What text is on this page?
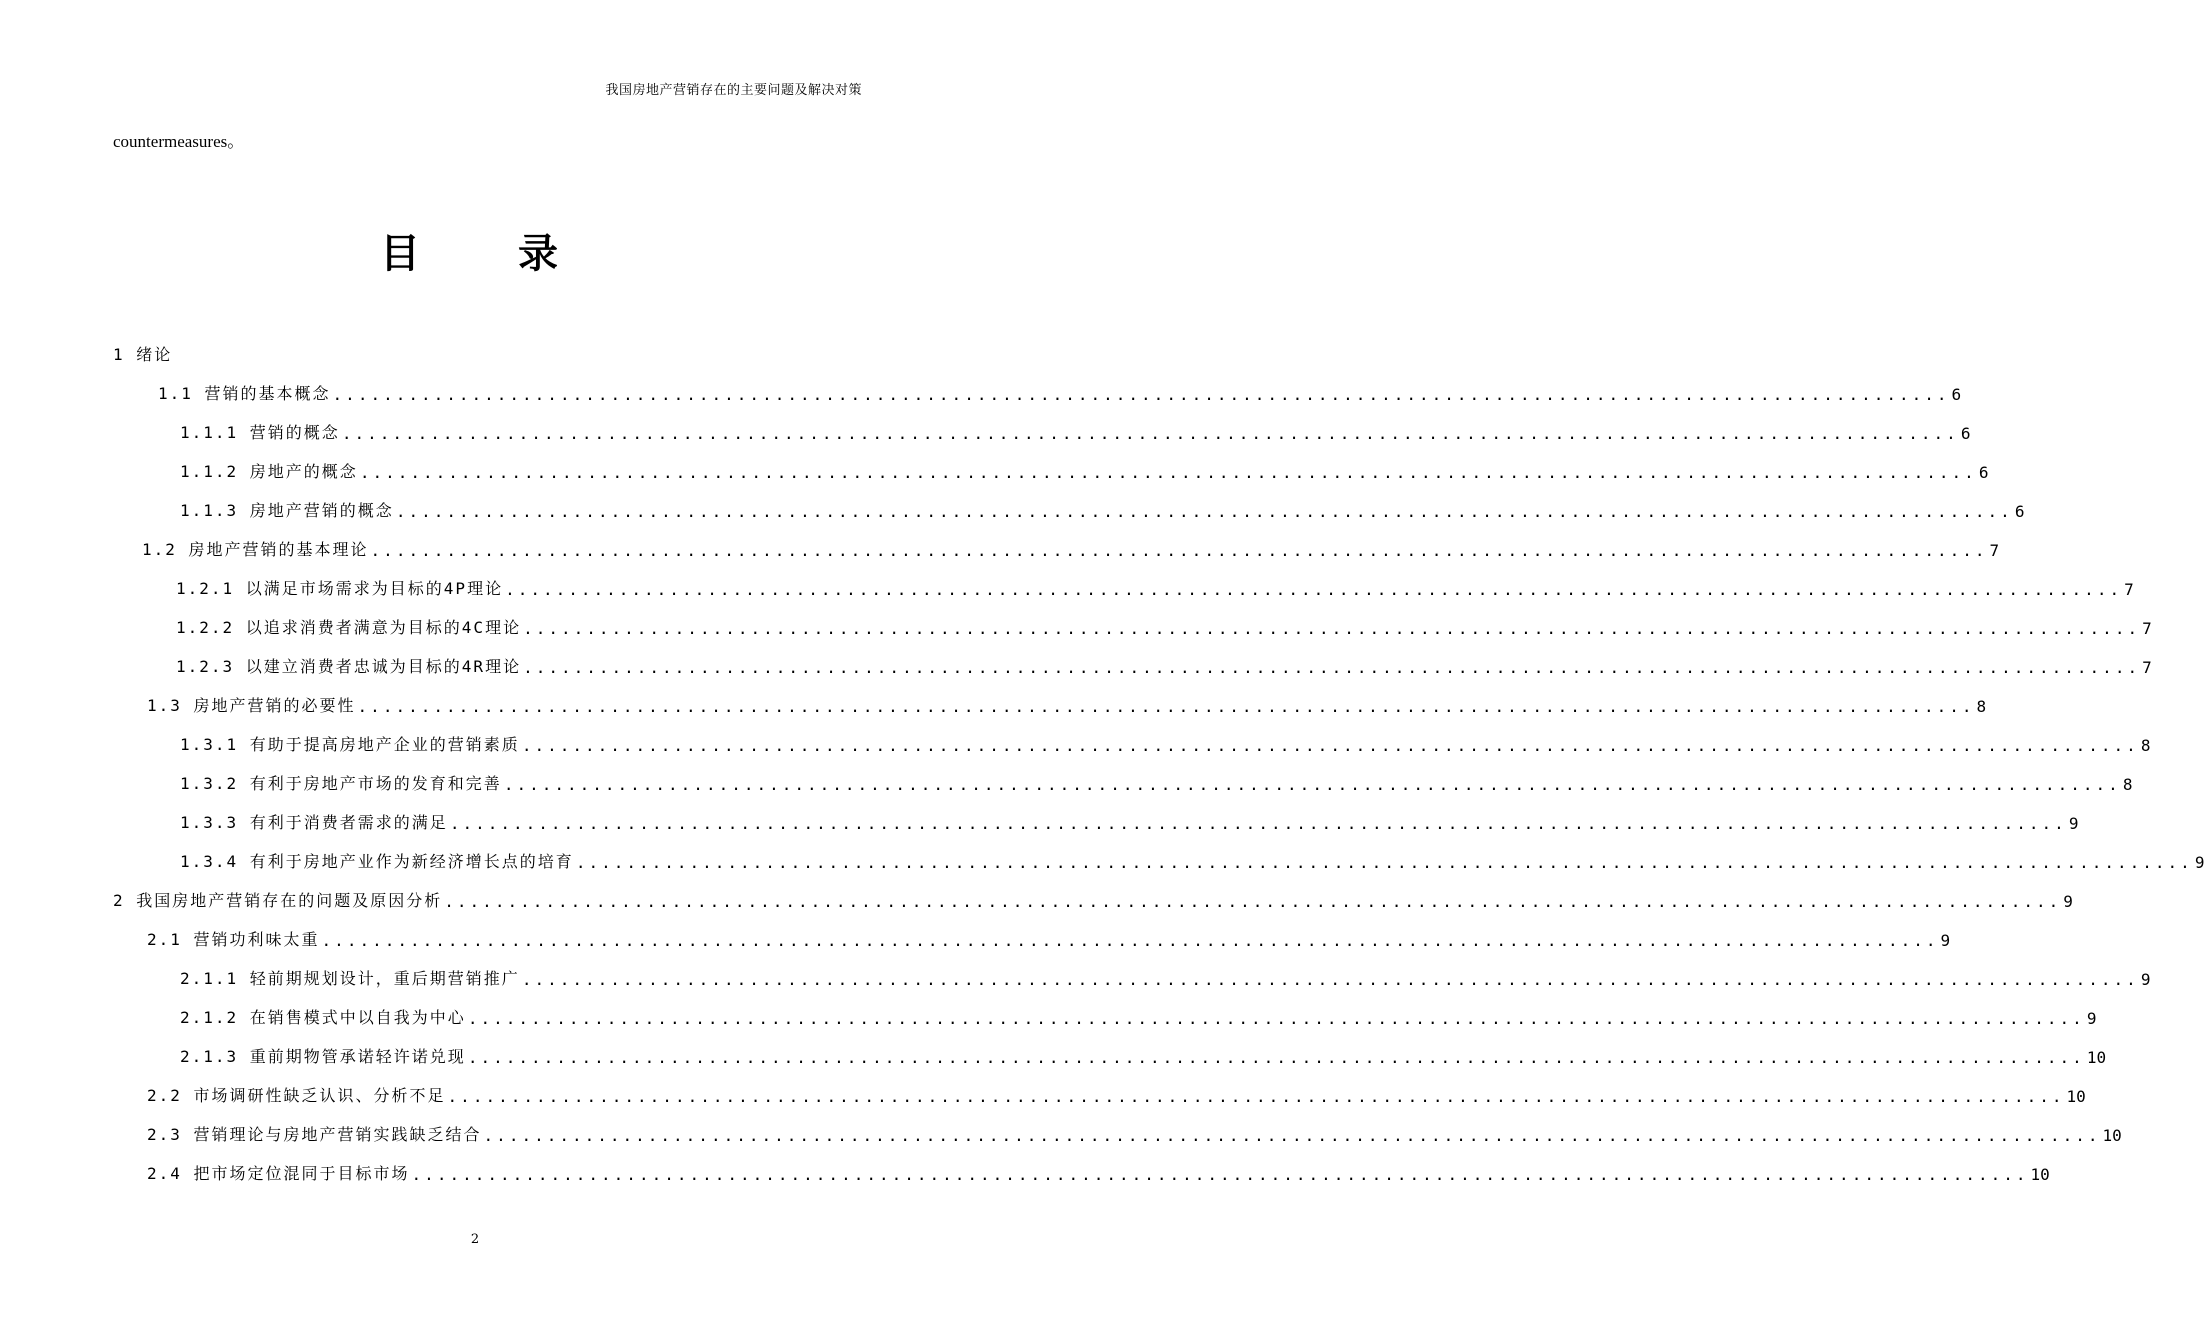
我国房地产营销存在的主要问题及解决对策
countermeasures。
目 录
1 绪论
1.1 营销的基本概念 ................................................................................................................................ 6
1.1.1 营销的概念 ................................................................................................................................ 6
1.1.2 房地产的概念 ................................................................................................................................ 6
1.1.3 房地产营销的概念 ................................................................................................................................ 6
1.2 房地产营销的基本理论 ................................................................................................................................ 7
1.2.1 以满足市场需求为目标的4P理论 ................................................................................................................................ 7
1.2.2 以追求消费者满意为目标的4C理论 ................................................................................................................................ 7
1.2.3 以建立消费者忠诚为目标的4R理论 ................................................................................................................................ 7
1.3 房地产营销的必要性 ................................................................................................................................ 8
1.3.1 有助于提高房地产企业的营销素质 ................................................................................................................................ 8
1.3.2 有利于房地产市场的发育和完善 ................................................................................................................................ 8
1.3.3 有利于消费者需求的满足 ................................................................................................................................ 9
1.3.4 有利于房地产业作为新经济增长点的培育 ................................................................................................................................ 9
2 我国房地产营销存在的问题及原因分析 ................................................................................................................................ 9
2.1 营销功利味太重 ................................................................................................................................ 9
2.1.1 轻前期规划设计，重后期营销推广 ................................................................................................................................ 9
2.1.2 在销售模式中以自我为中心 ................................................................................................................................ 9
2.1.3 重前期物管承诺轻许诺兑现 ................................................................................................................................ 10
2.2 市场调研性缺乏认识、分析不足 ................................................................................................................................ 10
2.3 营销理论与房地产营销实践缺乏结合 ................................................................................................................................ 10
2.4 把市场定位混同于目标市场 ................................................................................................................................ 10
2
